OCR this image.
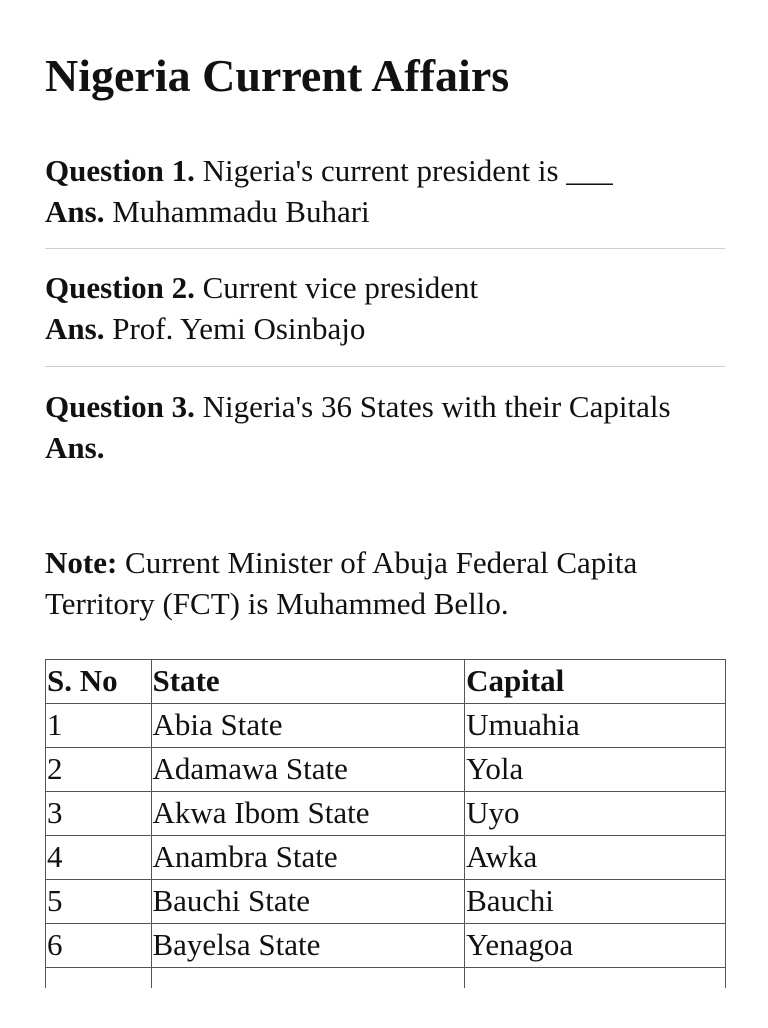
Nigeria Current Affairs
Question 1. Nigeria's current president is ___
Ans. Muhammadu Buhari
Question 2. Current vice president
Ans. Prof. Yemi Osinbajo
Question 3. Nigeria's 36 States with their Capitals
Ans.
Note: Current Minister of Abuja Federal Capita Territory (FCT) is Muhammed Bello.
S. No	State	Capital
1	Abia State	Umuahia
2	Adamawa State	Yola
3	Akwa Ibom State	Uyo
4	Anambra State	Awka
5	Bauchi State	Bauchi
6	Bayelsa State	Yenagoa
